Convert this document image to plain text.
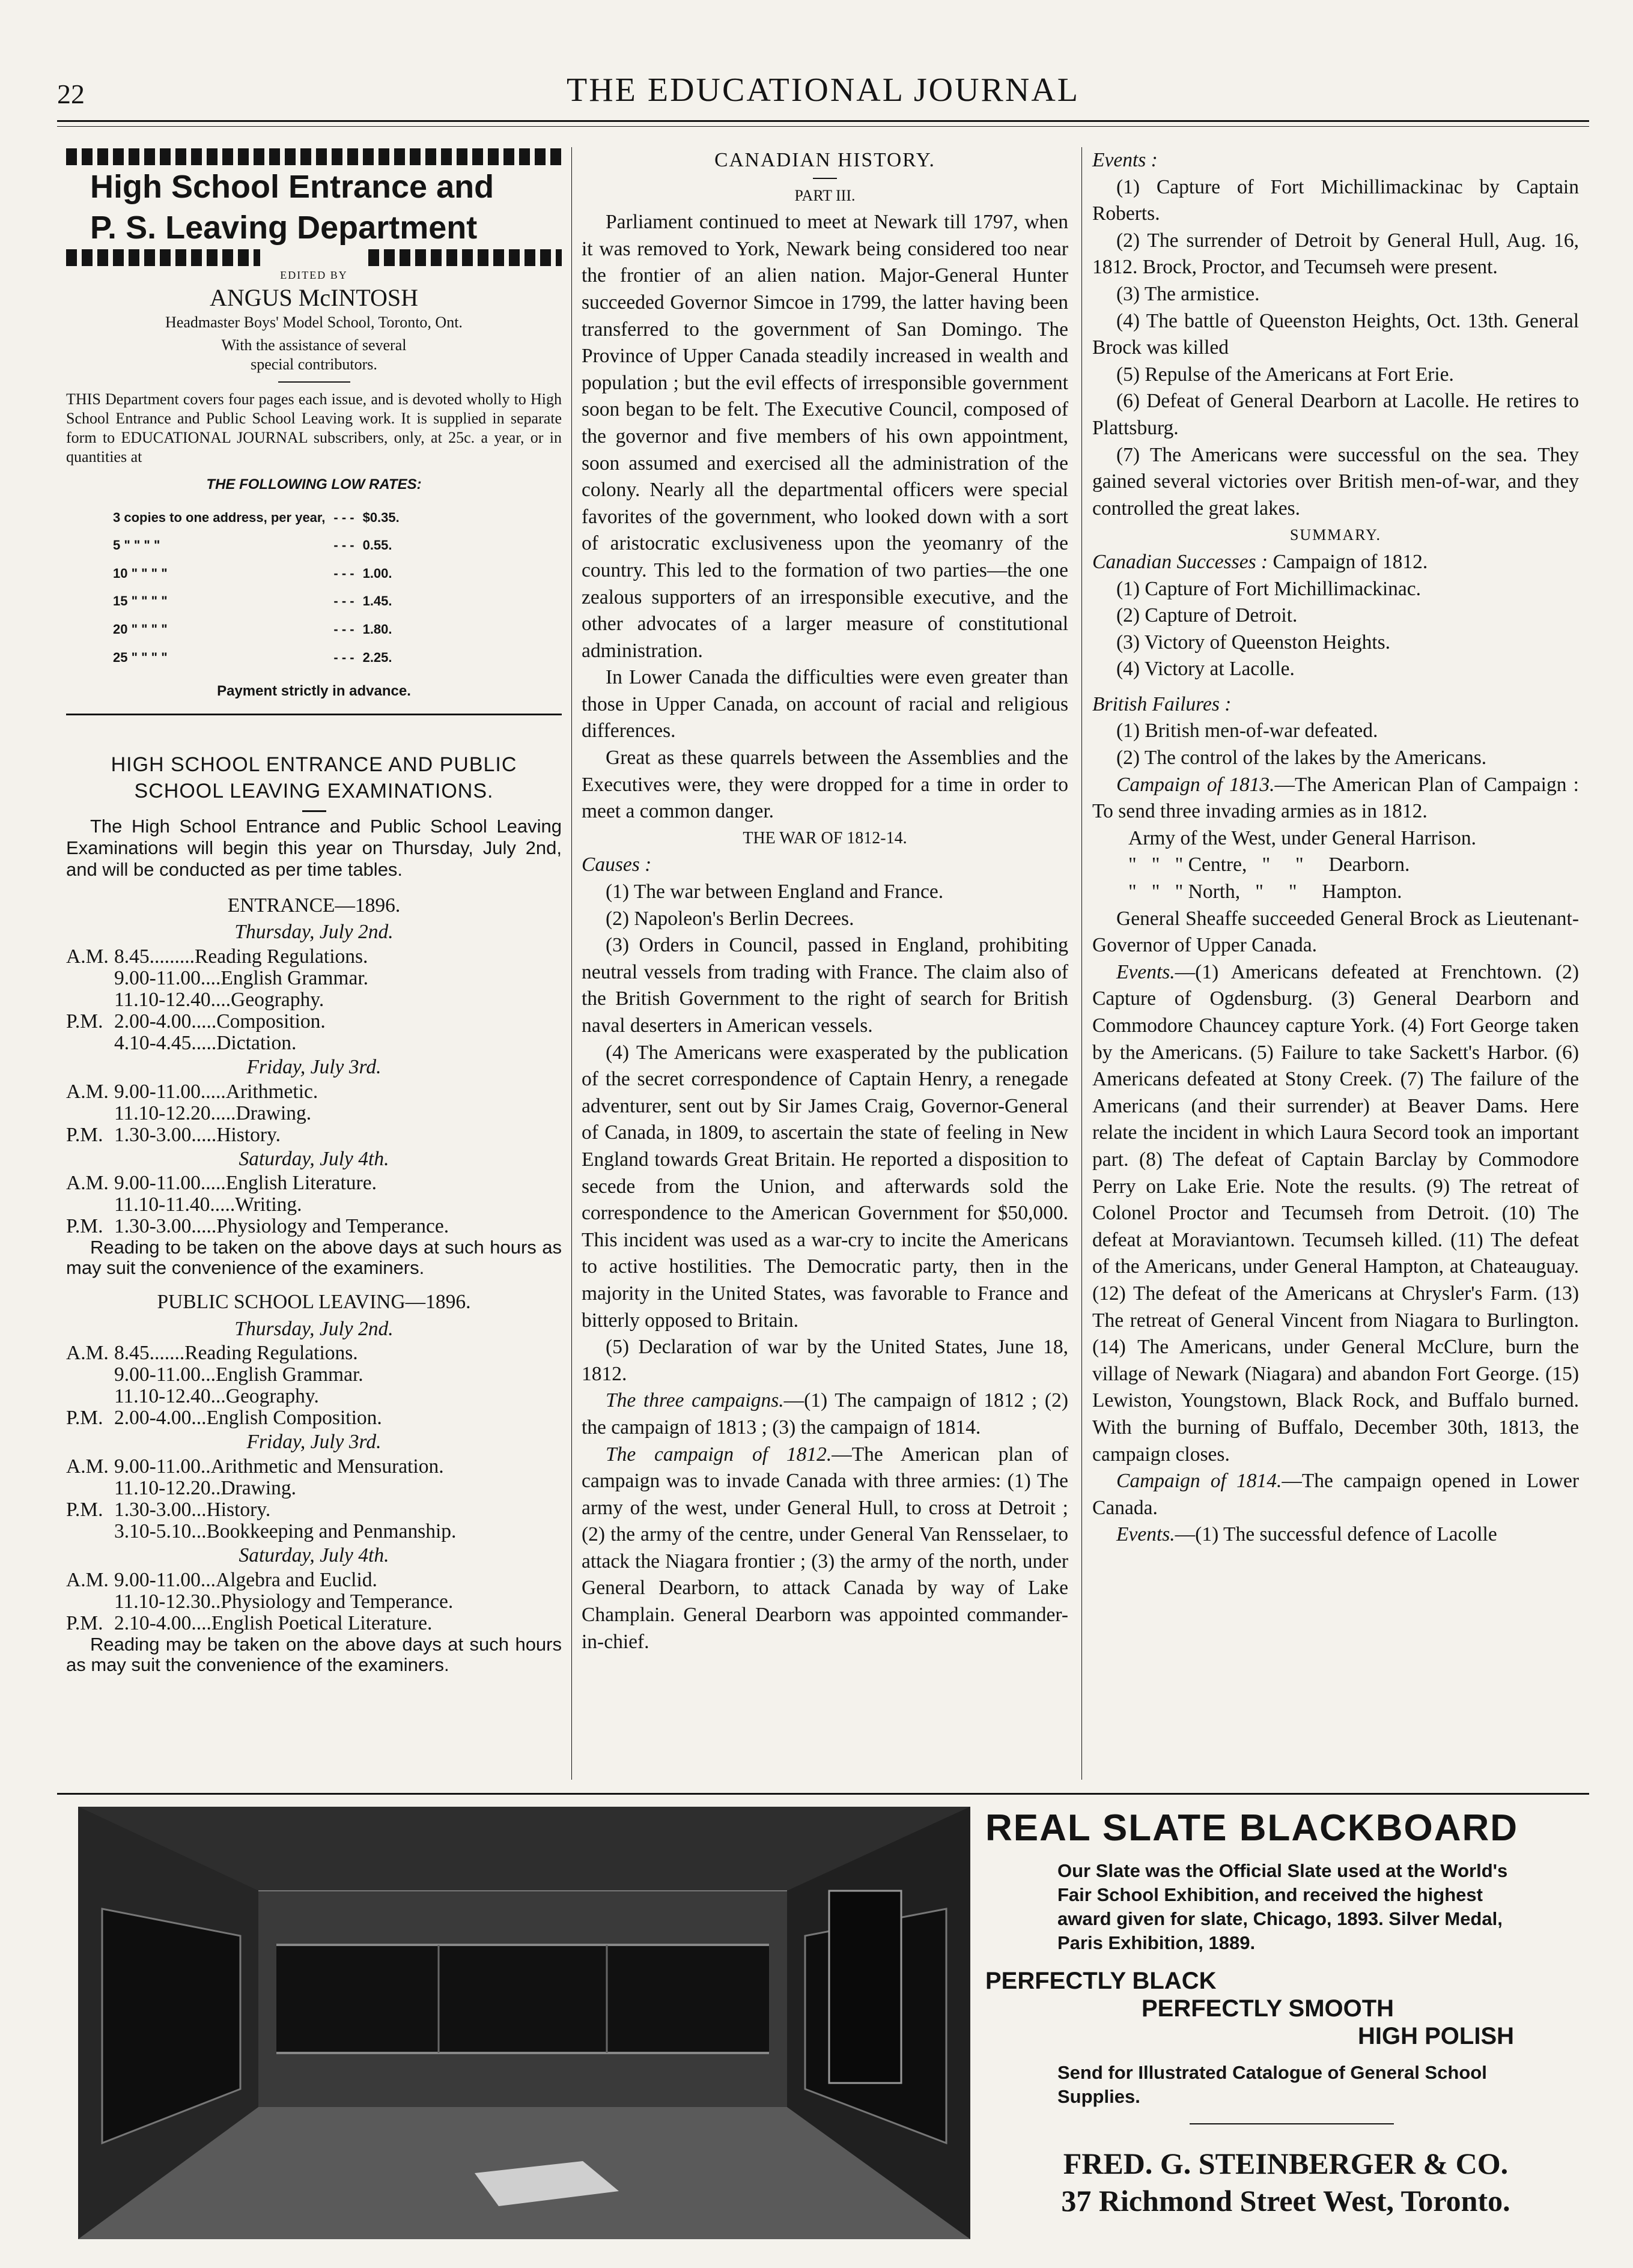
22	THE EDUCATIONAL JOURNAL
High School Entrance and
P. S. Leaving Department
EDITED BY
ANGUS McINTOSH
Headmaster Boys' Model School, Toronto, Ont.
With the assistance of several
special contributors.

THIS Department covers four pages each issue, and is devoted wholly to High School Entrance and Public School Leaving work. It is supplied in separate form to EDUCATIONAL JOURNAL subscribers, only, at 25c. a year, or in quantities at

THE FOLLOWING LOW RATES:
3 copies to one address, per year,	- - -	$0.35.
5 " " " "	- - -	0.55.
10 " " " "	- - -	1.00.
15 " " " "	- - -	1.45.
20 " " " "	- - -	1.80.
25 " " " "	- - -	2.25.
Payment strictly in advance.
HIGH SCHOOL ENTRANCE AND PUBLIC
SCHOOL LEAVING EXAMINATIONS.

The High School Entrance and Public School Leaving Examinations will begin this year on Thursday, July 2nd, and will be conducted as per time tables.

ENTRANCE—1896.
Thursday, July 2nd.
A.M.	8.45.........Reading Regulations.
	9.00-11.00....English Grammar.
	11.10-12.40....Geography.
P.M.	2.00-4.00.....Composition.
	4.10-4.45.....Dictation.
Friday, July 3rd.
A.M.	9.00-11.00.....Arithmetic.
	11.10-12.20.....Drawing.
P.M.	1.30-3.00.....History.
Saturday, July 4th.
A.M.	9.00-11.00.....English Literature.
	11.10-11.40.....Writing.
P.M.	1.30-3.00.....Physiology and Temperance.

Reading to be taken on the above days at such hours as may suit the convenience of the examiners.

PUBLIC SCHOOL LEAVING—1896.
Thursday, July 2nd.
A.M.	8.45.......Reading Regulations.
	9.00-11.00...English Grammar.
	11.10-12.40...Geography.
P.M.	2.00-4.00...English Composition.
Friday, July 3rd.
A.M.	9.00-11.00..Arithmetic and Mensuration.
	11.10-12.20..Drawing.
P.M.	1.30-3.00...History.
	3.10-5.10...Bookkeeping and Penmanship.
Saturday, July 4th.
A.M.	9.00-11.00...Algebra and Euclid.
	11.10-12.30..Physiology and Temperance.
P.M.	2.10-4.00....English Poetical Literature.

Reading may be taken on the above days at such hours as may suit the convenience of the examiners.

CANADIAN HISTORY.
PART III.

Parliament continued to meet at Newark till 1797, when it was removed to York, Newark being considered too near the frontier of an alien nation. Major-General Hunter succeeded Governor Simcoe in 1799, the latter having been transferred to the government of San Domingo. The Province of Upper Canada steadily increased in wealth and population ; but the evil effects of irresponsible government soon began to be felt. The Executive Council, composed of the governor and five members of his own appointment, soon assumed and exercised all the administration of the colony. Nearly all the departmental officers were special favorites of the government, who looked down with a sort of aristocratic exclusiveness upon the yeomanry of the country. This led to the formation of two parties—the one zealous supporters of an irresponsible executive, and the other advocates of a larger measure of constitutional administration.

In Lower Canada the difficulties were even greater than those in Upper Canada, on account of racial and religious differences.

Great as these quarrels between the Assemblies and the Executives were, they were dropped for a time in order to meet a common danger.

THE WAR OF 1812-14.

Causes :

(1) The war between England and France.

(2) Napoleon's Berlin Decrees.

(3) Orders in Council, passed in England, prohibiting neutral vessels from trading with France. The claim also of the British Government to the right of search for British naval deserters in American vessels.

(4) The Americans were exasperated by the publication of the secret correspondence of Captain Henry, a renegade adventurer, sent out by Sir James Craig, Governor-General of Canada, in 1809, to ascertain the state of feeling in New England towards Great Britain. He reported a disposition to secede from the Union, and afterwards sold the correspondence to the American Government for $50,000. This incident was used as a war-cry to incite the Americans to active hostilities. The Democratic party, then in the majority in the United States, was favorable to France and bitterly opposed to Britain.

(5) Declaration of war by the United States, June 18, 1812.

The three campaigns.—(1) The campaign of 1812 ; (2) the campaign of 1813 ; (3) the campaign of 1814.

The campaign of 1812.—The American plan of campaign was to invade Canada with three armies: (1) The army of the west, under General Hull, to cross at Detroit ; (2) the army of the centre, under General Van Rensselaer, to attack the Niagara frontier ; (3) the army of the north, under General Dearborn, to attack Canada by way of Lake Champlain. General Dearborn was appointed commander-in-chief.

Events :

(1) Capture of Fort Michillimackinac by Captain Roberts.

(2) The surrender of Detroit by General Hull, Aug. 16, 1812. Brock, Proctor, and Tecumseh were present.

(3) The armistice.

(4) The battle of Queenston Heights, Oct. 13th. General Brock was killed

(5) Repulse of the Americans at Fort Erie.

(6) Defeat of General Dearborn at Lacolle. He retires to Plattsburg.

(7) The Americans were successful on the sea. They gained several victories over British men-of-war, and they controlled the great lakes.

SUMMARY.

Canadian Successes : Campaign of 1812.

(1) Capture of Fort Michillimackinac.

(2) Capture of Detroit.

(3) Victory of Queenston Heights.

(4) Victory at Lacolle.

British Failures :

(1) British men-of-war defeated.

(2) The control of the lakes by the Americans.

Campaign of 1813.—The American Plan of Campaign : To send three invading armies as in 1812.

Army of the West, under General Harrison.

"   "   " Centre,   "     "     Dearborn.

"   "   " North,   "     "     Hampton.

General Sheaffe succeeded General Brock as Lieutenant-Governor of Upper Canada.

Events.—(1) Americans defeated at Frenchtown. (2) Capture of Ogdensburg. (3) General Dearborn and Commodore Chauncey capture York. (4) Fort George taken by the Americans. (5) Failure to take Sackett's Harbor. (6) Americans defeated at Stony Creek. (7) The failure of the Americans (and their surrender) at Beaver Dams. Here relate the incident in which Laura Secord took an important part. (8) The defeat of Captain Barclay by Commodore Perry on Lake Erie. Note the results. (9) The retreat of Colonel Proctor and Tecumseh from Detroit. (10) The defeat at Moraviantown. Tecumseh killed. (11) The defeat of the Americans, under General Hampton, at Chateauguay. (12) The defeat of the Americans at Chrysler's Farm. (13) The retreat of General Vincent from Niagara to Burlington. (14) The Americans, under General McClure, burn the village of Newark (Niagara) and abandon Fort George. (15) Lewiston, Youngstown, Black Rock, and Buffalo burned. With the burning of Buffalo, December 30th, 1813, the campaign closes.

Campaign of 1814.—The campaign opened in Lower Canada.

Events.—(1) The successful defence of Lacolle

REAL SLATE BLACKBOARD

Our Slate was the Official Slate used at the World's Fair School Exhibition, and received the highest award given for slate, Chicago, 1893. Silver Medal, Paris Exhibition, 1889.

PERFECTLY BLACK
PERFECTLY SMOOTH
HIGH POLISH

Send for Illustrated Catalogue of General School Supplies.

FRED. G. STEINBERGER & CO.
37 Richmond Street West, Toronto.
